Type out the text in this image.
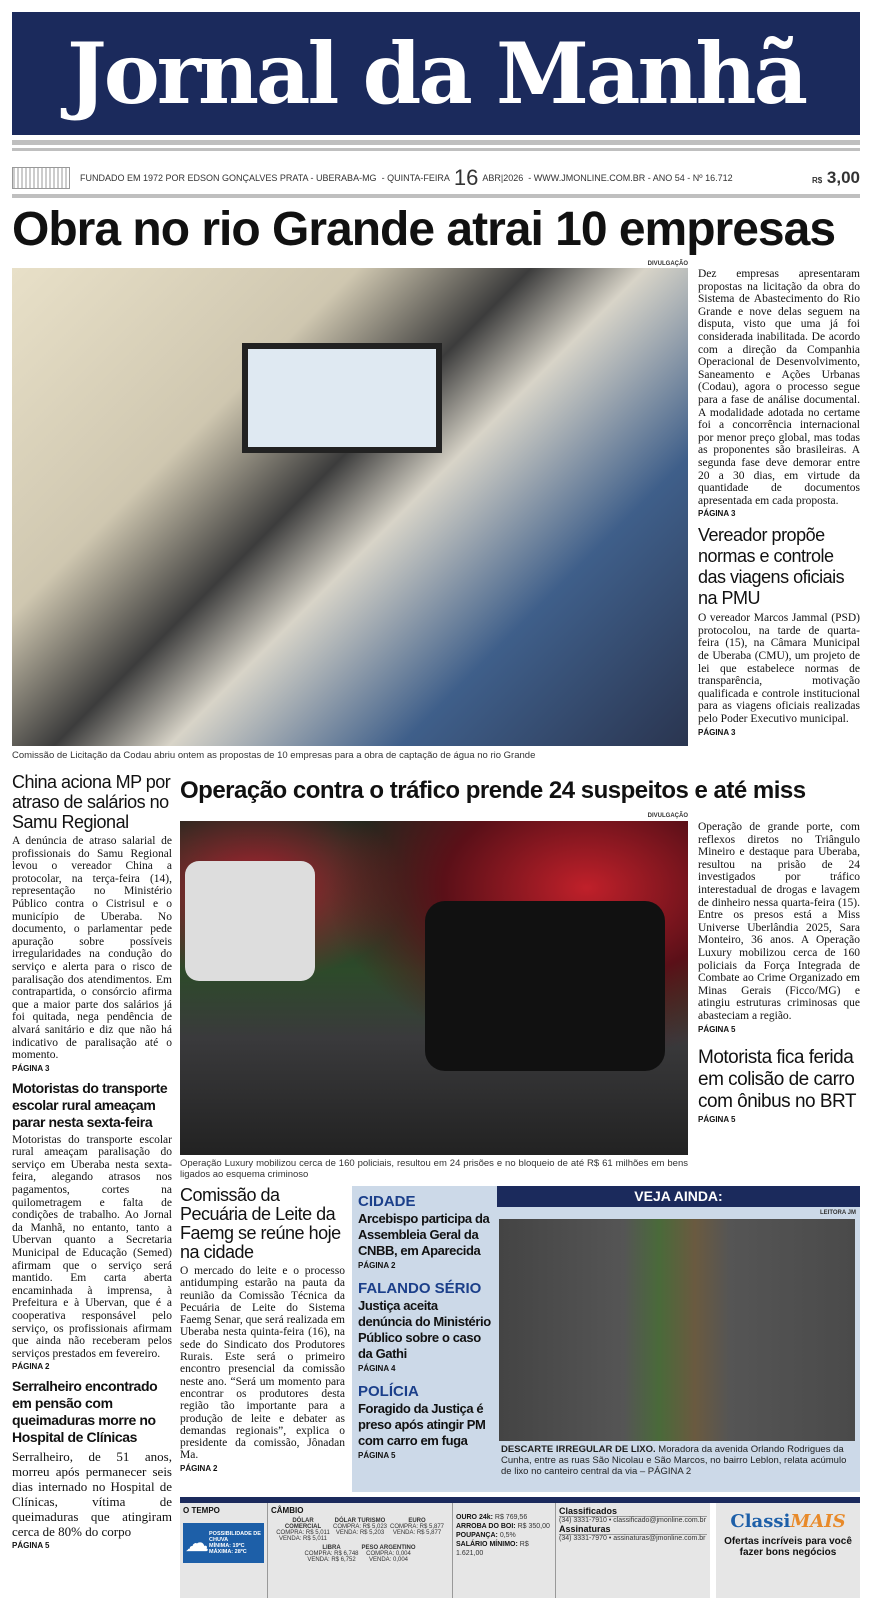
Jornal da Manhã
FUNDADO EM 1972 POR EDSON GONÇALVES PRATA - UBERABA-MG
- QUINTA-FEIRA 16 ABR|2026
- WWW.JMONLINE.COM.BR - ANO 54 - Nº 16.712	R$ 3,00
Obra no rio Grande atrai 10 empresas
DIVULGAÇÃO
Comissão de Licitação da Codau abriu ontem as propostas de 10 empresas para a obra de captação de água no rio Grande

Dez empresas apresentaram propostas na licitação da obra do Sistema de Abastecimento do Rio Grande e nove delas seguem na disputa, visto que uma já foi considerada inabilitada. De acordo com a direção da Companhia Operacional de Desenvolvimento, Saneamento e Ações Urbanas (Codau), agora o processo segue para a fase de análise documental. A modalidade adotada no certame foi a concorrência internacional por menor preço global, mas todas as proponentes são brasileiras. A segunda fase deve demorar entre 20 a 30 dias, em virtude da quantidade de documentos apresentada em cada proposta.

PÁGINA 3
Vereador propõe normas e controle das viagens oficiais na PMU

O vereador Marcos Jammal (PSD) protocolou, na tarde de quarta-feira (15), na Câmara Municipal de Uberaba (CMU), um projeto de lei que estabelece normas de transparência, motivação qualificada e controle institucional para as viagens oficiais realizadas pelo Poder Executivo municipal.

PÁGINA 3
China aciona MP por atraso de salários no Samu Regional

A denúncia de atraso salarial de profissionais do Samu Regional levou o vereador China a protocolar, na terça-feira (14), representação no Ministério Público contra o Cistrisul e o município de Uberaba. No documento, o parlamentar pede apuração sobre possíveis irregularidades na condução do serviço e alerta para o risco de paralisação dos atendimentos. Em contrapartida, o consórcio afirma que a maior parte dos salários já foi quitada, nega pendência de alvará sanitário e diz que não há indicativo de paralisação até o momento.

PÁGINA 3
Motoristas do transporte escolar rural ameaçam parar nesta sexta-feira

Motoristas do transporte escolar rural ameaçam paralisação do serviço em Uberaba nesta sexta-feira, alegando atrasos nos pagamentos, cortes na quilometragem e falta de condições de trabalho. Ao Jornal da Manhã, no entanto, tanto a Ubervan quanto a Secretaria Municipal de Educação (Semed) afirmam que o serviço será mantido. Em carta aberta encaminhada à imprensa, à Prefeitura e à Ubervan, que é a cooperativa responsável pelo serviço, os profissionais afirmam que ainda não receberam pelos serviços prestados em fevereiro.

PÁGINA 2
Serralheiro encontrado em pensão com queimaduras morre no Hospital de Clínicas

Serralheiro, de 51 anos, morreu após permanecer seis dias internado no Hospital de Clínicas, vítima de queimaduras que atingiram cerca de 80% do corpo

PÁGINA 5
Operação contra o tráfico prende 24 suspeitos e até miss
DIVULGAÇÃO
Operação Luxury mobilizou cerca de 160 policiais, resultou em 24 prisões e no bloqueio de até R$ 61 milhões em bens ligados ao esquema criminoso

Operação de grande porte, com reflexos diretos no Triângulo Mineiro e destaque para Uberaba, resultou na prisão de 24 investigados por tráfico interestadual de drogas e lavagem de dinheiro nessa quarta-feira (15). Entre os presos está a Miss Universe Uberlândia 2025, Sara Monteiro, 36 anos. A Operação Luxury mobilizou cerca de 160 policiais da Força Integrada de Combate ao Crime Organizado em Minas Gerais (Ficco/MG) e atingiu estruturas criminosas que abasteciam a região.

PÁGINA 5
Motorista fica ferida em colisão de carro com ônibus no BRT
PÁGINA 5
Comissão da Pecuária de Leite da Faemg se reúne hoje na cidade

O mercado do leite e o processo antidumping estarão na pauta da reunião da Comissão Técnica da Pecuária de Leite do Sistema Faemg Senar, que será realizada em Uberaba nesta quinta-feira (16), na sede do Sindicato dos Produtores Rurais. Este será o primeiro encontro presencial da comissão neste ano. “Será um momento para encontrar os produtores desta região tão importante para a produção de leite e debater as demandas regionais”, explica o presidente da comissão, Jônadan Ma.

PÁGINA 2
CIDADE
Arcebispo participa da Assembleia Geral da CNBB, em Aparecida
PÁGINA 2
FALANDO SÉRIO
Justiça aceita denúncia do Ministério Público sobre o caso da Gathi
PÁGINA 4
POLÍCIA
Foragido da Justiça é preso após atingir PM com carro em fuga
PÁGINA 5
VEJA AINDA:
LEITORA JM
DESCARTE IRREGULAR DE LIXO. Moradora da avenida Orlando Rodrigues da Cunha, entre as ruas São Nicolau e São Marcos, no bairro Leblon, relata acúmulo de lixo no canteiro central da via – PÁGINA 2
O TEMPO
☁ POSSIBILIDADE DE CHUVA
MÍNIMA: 19ºC
MÁXIMA: 28ºC
CÂMBIO
DÓLAR COMERCIAL
COMPRA: R$ 5,011
VENDA: R$ 5,011
DÓLAR TURISMO
COMPRA: R$ 5,023
VENDA: R$ 5,203
EURO
COMPRA: R$ 5,877
VENDA: R$ 5,877
LIBRA
COMPRA: R$ 6,748
VENDA: R$ 6,752
PESO ARGENTINO
COMPRA: 0,004
VENDA: 0,004
OURO 24k: R$ 769,56
ARROBA DO BOI: R$ 350,00
POUPANÇA: 0,5%
SALÁRIO MÍNIMO: R$ 1.621,00
Classificados
(34) 3331-7910 • classificado@jmonline.com.br
Assinaturas
(34) 3331-7970 • assinaturas@jmonline.com.br
ClassiMAIS
Ofertas incríveis para você fazer bons negócios
